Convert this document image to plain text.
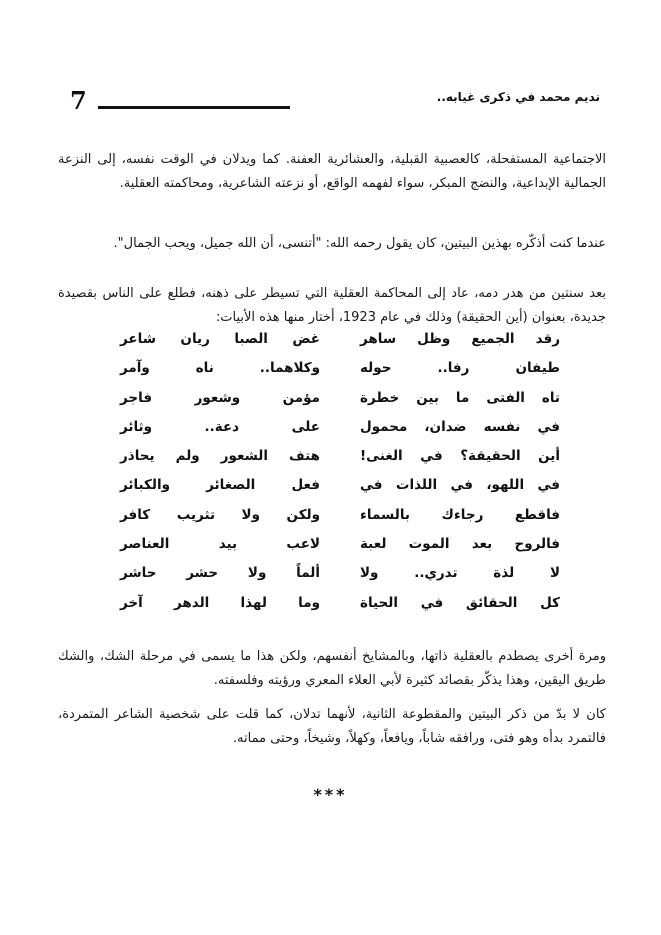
7	نديم محمد في ذكرى غيابه..

الاجتماعية المستفحلة، كالعصبية القبلية، والعشائرية العفنة. كما ويدلان في الوقت نفسه، إلى النزعة الجمالية الإبداعية، والنضج المبكر، سواء لفهمه الواقع، أو نزعته الشاعرية، ومحاكمته العقلية.

عندما كنت أذكّره بهذين البيتين، كان يقول رحمه الله: "أتنسى، أن الله جميل، ويحب الجمال".

بعد سنتين من هدر دمه، عاد إلى المحاكمة العقلية التي تسيطر على ذهنه، فطلع على الناس بقصيدة جديدة، بعنوان (أين الحقيقة) وذلك في عام 1923، أختار منها هذه الأبيات:

رقد الجميع وظل ساهر
غض الصبا ريان شاعر
طيفان رفا.. حوله
وكلاهما.. ناه وآمر
تاه الفتى ما بين خطرة
مؤمن وشعور فاجر
في نفسه ضدان، محمول
على دعة.. وثائر
أين الحقيقة؟ في الغنى!
هتف الشعور ولم يحاذر
في اللهو، في اللذات في
فعل الصغائر والكبائر
فاقطع رجاءك بالسماء
ولكن ولا تثريب كافر
فالروح بعد الموت لعبة
لاعب بيد العناصر
لا لذة تدري.. ولا
ألماً ولا حشر حاشر
كل الحقائق في الحياة
وما لهذا الدهر آخر

ومرة أخرى يصطدم بالعقلية ذاتها، وبالمشايخ أنفسهم، ولكن هذا ما يسمى في مرحلة الشك، والشك طريق اليقين، وهذا يذكّر بقصائد كثيرة لأبي العلاء المعري ورؤيته وفلسفته.

كان لا بدّ من ذكر البيتين والمقطوعة الثانية، لأنهما تدلان، كما قلت على شخصية الشاعر المتمردة، فالتمرد بدأه وهو فتى، ورافقه شاباً، ويافعاً، وكهلاً، وشيخاً، وحتى مماته.

***
